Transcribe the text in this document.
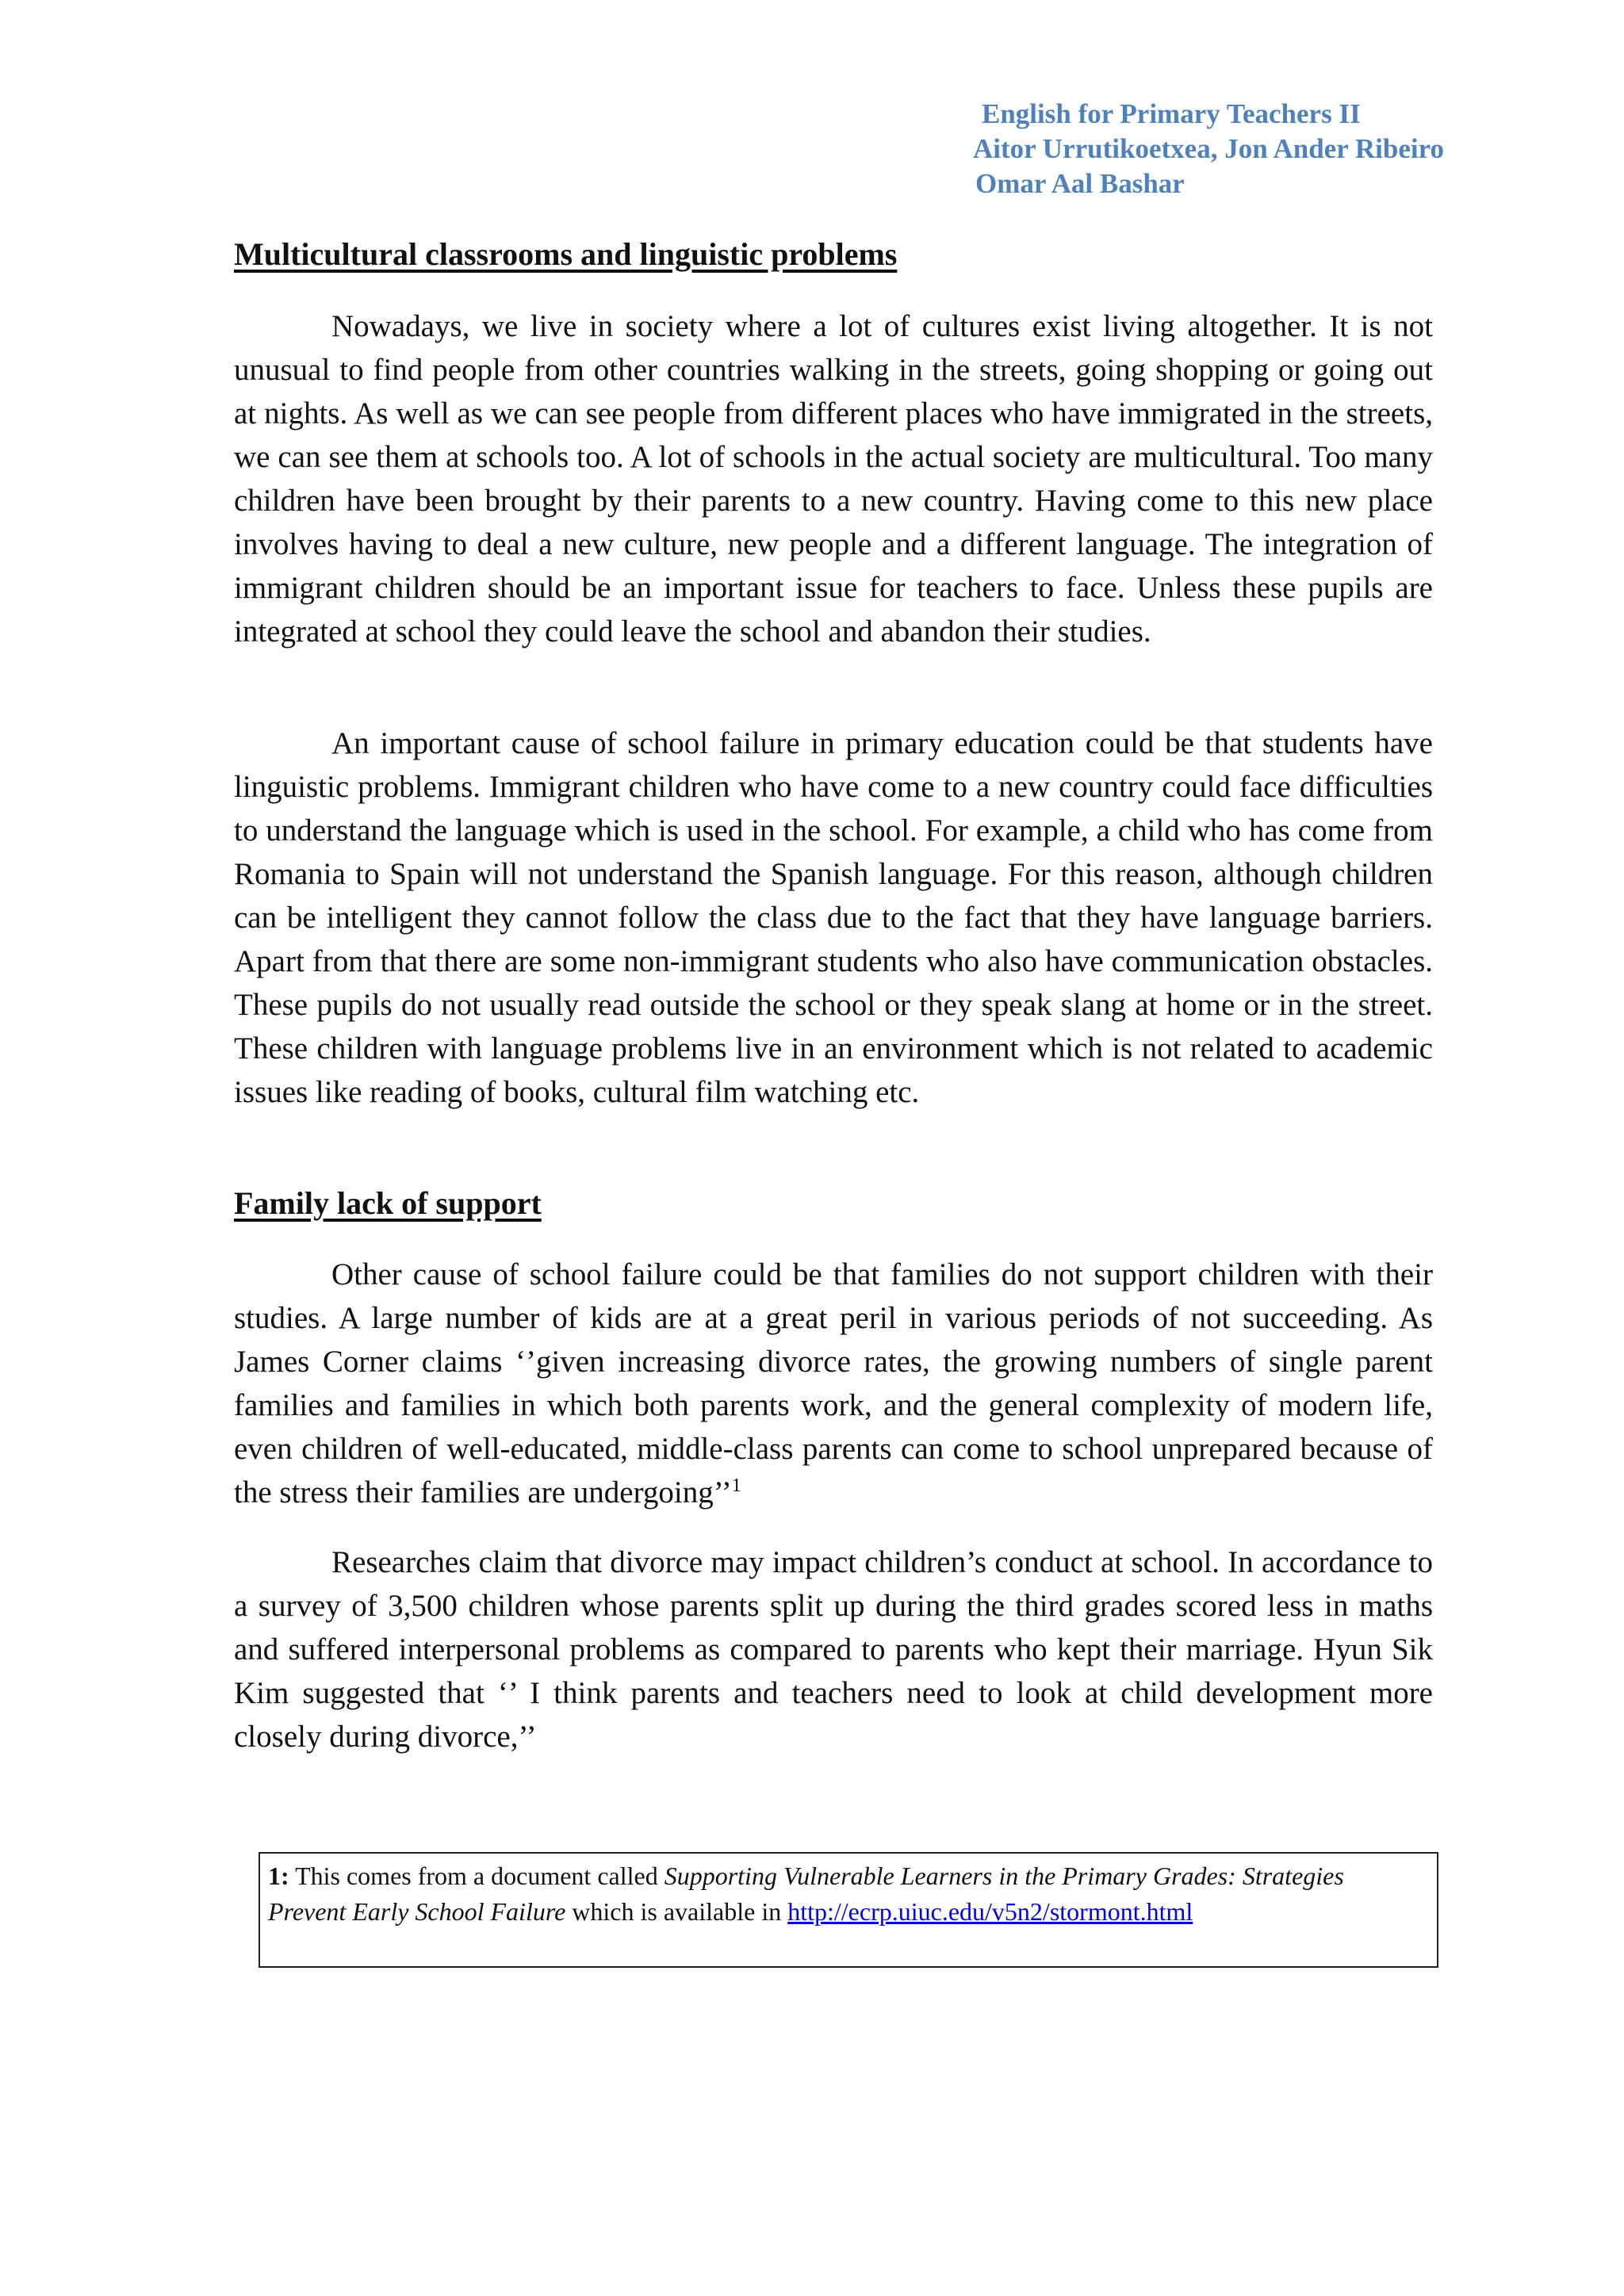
English for Primary Teachers II
Aitor Urrutikoetxea, Jon Ander Ribeiro
Omar Aal Bashar
Multicultural classrooms and linguistic problems

Nowadays, we live in society where a lot of cultures exist living altogether. It is not unusual to find people from other countries walking in the streets, going shopping or going out at nights. As well as we can see people from different places who have immigrated in the streets, we can see them at schools too. A lot of schools in the actual society are multicultural. Too many children have been brought by their parents to a new country. Having come to this new place involves having to deal a new culture, new people and a different language. The integration of immigrant children should be an important issue for teachers to face. Unless these pupils are integrated at school they could leave the school and abandon their studies.

An important cause of school failure in primary education could be that students have linguistic problems. Immigrant children who have come to a new country could face difficulties to understand the language which is used in the school. For example, a child who has come from Romania to Spain will not understand the Spanish language. For this reason, although children can be intelligent they cannot follow the class due to the fact that they have language barriers. Apart from that there are some non-immigrant students who also have communication obstacles. These pupils do not usually read outside the school or they speak slang at home or in the street. These children with language problems live in an environment which is not related to academic issues like reading of books, cultural film watching etc.

Family lack of support

Other cause of school failure could be that families do not support children with their studies. A large number of kids are at a great peril in various periods of not succeeding. As James Corner claims ‘’given increasing divorce rates, the growing numbers of single parent families and families in which both parents work, and the general complexity of modern life, even children of well-educated, middle-class parents can come to school unprepared because of the stress their families are undergoing’’$^1$

Researches claim that divorce may impact children’s conduct at school. In accordance to a survey of 3,500 children whose parents split up during the third grades scored less in maths and suffered interpersonal problems as compared to parents who kept their marriage. Hyun Sik Kim suggested that ‘’ I think parents and teachers need to look at child development more closely during divorce,’’

1: This comes from a document called Supporting Vulnerable Learners in the Primary Grades: Strategies
Prevent Early School Failure which is available in http://ecrp.uiuc.edu/v5n2/stormont.html
